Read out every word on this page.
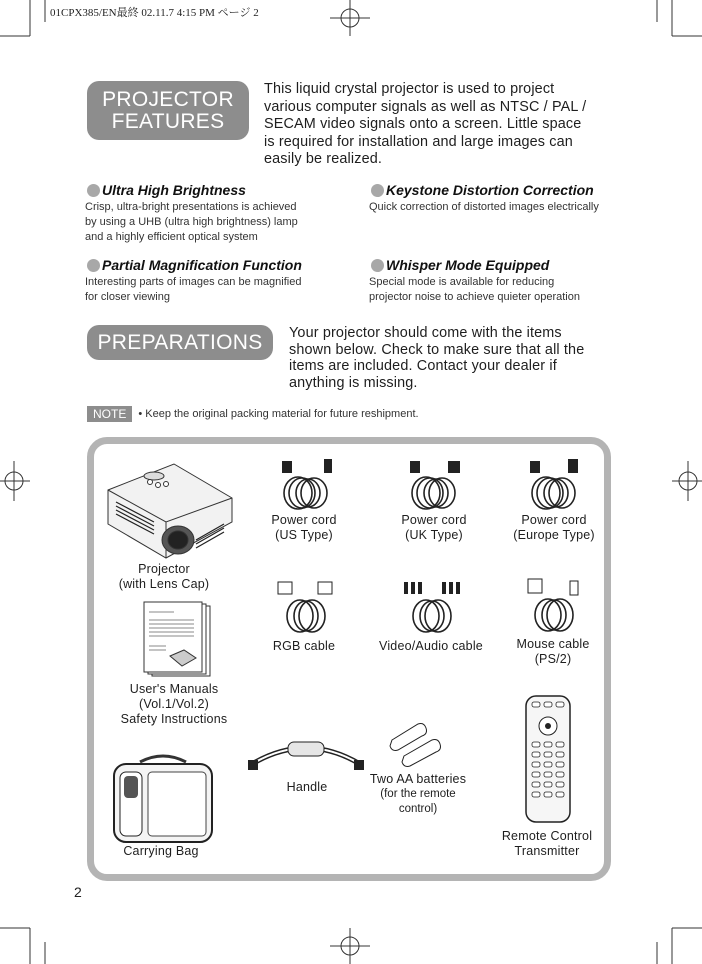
01CPX385/EN最終 02.11.7 4:15 PM ページ 2
PROJECTOR
FEATURES
This liquid crystal projector is used to project
various computer signals as well as NTSC / PAL /
SECAM video signals onto a screen. Little space
is required for installation and large images can
easily be realized.
Ultra High Brightness
Crisp, ultra-bright presentations is achieved
by using a UHB (ultra high brightness) lamp
and a highly efficient optical system
Keystone Distortion Correction
Quick correction of distorted images electrically
Partial Magnification Function
Interesting parts of images can be magnified
for closer viewing
Whisper Mode Equipped
Special mode is available for reducing
projector noise to achieve quieter operation
PREPARATIONS	Your projector should come with the items
shown below. Check to make sure that all the
items are included. Contact your dealer if
anything is missing.
NOTE	• Keep the original packing material for future reshipment.
Projector
(with Lens Cap)
Power cord
(US Type)
Power cord
(UK Type)
Power cord
(Europe Type)
RGB cable	Video/Audio cable	Mouse cable
(PS/2)
User's Manuals
(Vol.1/Vol.2)
Safety Instructions
Handle
Two AA batteries
(for the remote
control)
Carrying Bag
Remote Control
Transmitter
2
